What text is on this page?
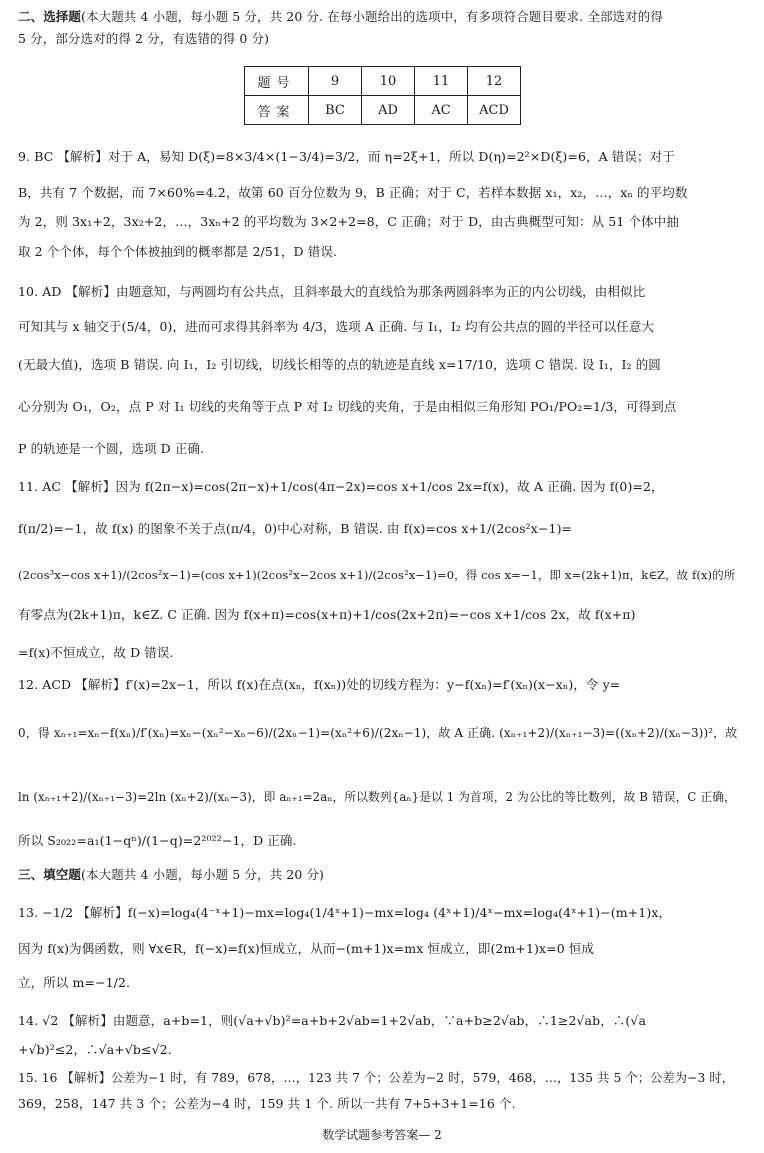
二、选择题(本大题共 4 小题，每小题 5 分，共 20 分. 在每小题给出的选项中，有多项符合题目要求. 全部选对的得
5 分，部分选对的得 2 分，有选错的得 0 分)
题号	9	10	11	12
答案	BC	AD	AC	ACD
9. BC 【解析】对于 A，易知 D(ξ)=8×3/4×(1−3/4)=3/2，而 η=2ξ+1，所以 D(η)=2²×D(ξ)=6，A 错误；对于
B，共有 7 个数据，而 7×60%=4.2，故第 60 百分位数为 9，B 正确；对于 C，若样本数据 x₁，x₂，…，xₙ 的平均数
为 2，则 3x₁+2，3x₂+2，…，3xₙ+2 的平均数为 3×2+2=8，C 正确；对于 D，由古典概型可知：从 51 个体中抽
取 2 个个体，每个个体被抽到的概率都是 2/51，D 错误.
10. AD 【解析】由题意知，与两圆均有公共点，且斜率最大的直线恰为那条两圆斜率为正的内公切线，由相似比
可知其与 x 轴交于(5/4，0)，进而可求得其斜率为 4/3，选项 A 正确. 与 I₁，I₂ 均有公共点的圆的半径可以任意大
(无最大值)，选项 B 错误. 向 I₁，I₂ 引切线，切线长相等的点的轨迹是直线 x=17/10，选项 C 错误. 设 I₁，I₂ 的圆
心分别为 O₁，O₂，点 P 对 I₁ 切线的夹角等于点 P 对 I₂ 切线的夹角，于是由相似三角形知 PO₁/PO₂=1/3，可得到点
P 的轨迹是一个圆，选项 D 正确.
11. AC 【解析】因为 f(2π−x)=cos(2π−x)+1/cos(4π−2x)=cos x+1/cos 2x=f(x)，故 A 正确. 因为 f(0)=2，
f(π/2)=−1，故 f(x) 的图象不关于点(π/4，0)中心对称，B 错误. 由 f(x)=cos x+1/(2cos²x−1)=
(2cos³x−cos x+1)/(2cos²x−1)=(cos x+1)(2cos²x−2cos x+1)/(2cos²x−1)=0，得 cos x=−1，即 x=(2k+1)π，k∈Z，故 f(x)的所
有零点为(2k+1)π，k∈Z. C 正确. 因为 f(x+π)=cos(x+π)+1/cos(2x+2π)=−cos x+1/cos 2x，故 f(x+π)
=f(x)不恒成立，故 D 错误.
12. ACD 【解析】f′(x)=2x−1，所以 f(x)在点(xₙ，f(xₙ))处的切线方程为：y−f(xₙ)=f′(xₙ)(x−xₙ)，令 y=
0，得 xₙ₊₁=xₙ−f(xₙ)/f′(xₙ)=xₙ−(xₙ²−xₙ−6)/(2xₙ−1)=(xₙ²+6)/(2xₙ−1)，故 A 正确. (xₙ₊₁+2)/(xₙ₊₁−3)=((xₙ+2)/(xₙ−3))²，故
ln (xₙ₊₁+2)/(xₙ₊₁−3)=2ln (xₙ+2)/(xₙ−3)，即 aₙ₊₁=2aₙ，所以数列{aₙ}是以 1 为首项，2 为公比的等比数列，故 B 错误，C 正确，
所以 S₂₀₂₂=a₁(1−qⁿ)/(1−q)=2²⁰²²−1，D 正确.
三、填空题(本大题共 4 小题，每小题 5 分，共 20 分)
13. −1/2 【解析】f(−x)=log₄(4⁻ˣ+1)−mx=log₄(1/4ˣ+1)−mx=log₄ (4ˣ+1)/4ˣ−mx=log₄(4ˣ+1)−(m+1)x，
因为 f(x)为偶函数，则 ∀x∈R，f(−x)=f(x)恒成立，从而−(m+1)x=mx 恒成立，即(2m+1)x=0 恒成
立，所以 m=−1/2.
14. √2 【解析】由题意，a+b=1，则(√a+√b)²=a+b+2√ab=1+2√ab，∵a+b≥2√ab，∴1≥2√ab，∴(√a
+√b)²≤2，∴√a+√b≤√2.
15. 16 【解析】公差为−1 时，有 789，678，…，123 共 7 个；公差为−2 时，579，468，…，135 共 5 个；公差为−3 时，
369，258，147 共 3 个；公差为−4 时，159 共 1 个. 所以一共有 7+5+3+1=16 个.
数学试题参考答案— 2
